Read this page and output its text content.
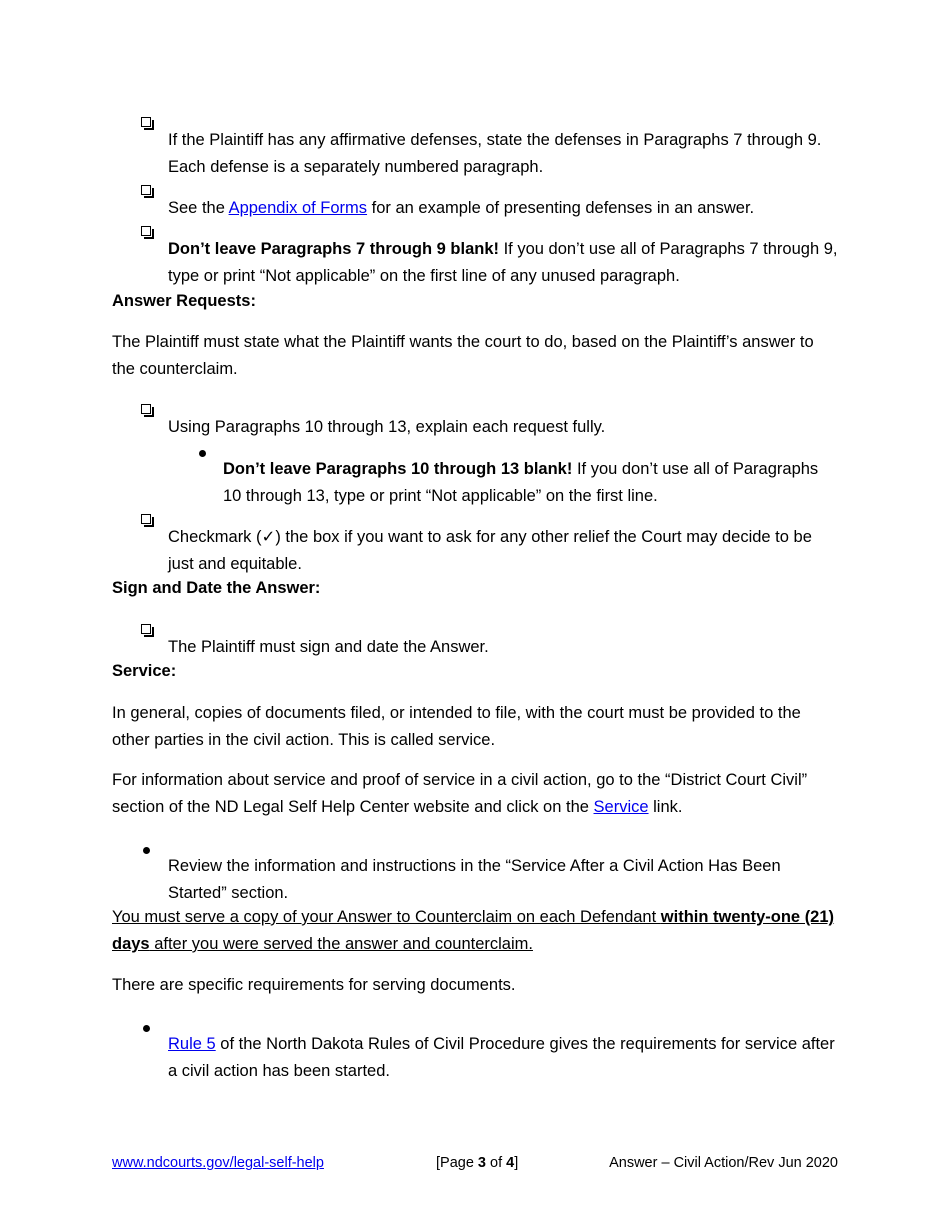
If the Plaintiff has any affirmative defenses, state the defenses in Paragraphs 7 through 9. Each defense is a separately numbered paragraph.

See the Appendix of Forms for an example of presenting defenses in an answer.

Don’t leave Paragraphs 7 through 9 blank! If you don’t use all of Paragraphs 7 through 9, type or print “Not applicable” on the first line of any unused paragraph.

Answer Requests:

The Plaintiff must state what the Plaintiff wants the court to do, based on the Plaintiff’s answer to the counterclaim.

Using Paragraphs 10 through 13, explain each request fully.

Don’t leave Paragraphs 10 through 13 blank! If you don’t use all of Paragraphs 10 through 13, type or print “Not applicable” on the first line.

Checkmark (✓) the box if you want to ask for any other relief the Court may decide to be just and equitable.

Sign and Date the Answer:

The Plaintiff must sign and date the Answer.

Service:

In general, copies of documents filed, or intended to file, with the court must be provided to the other parties in the civil action. This is called service.

For information about service and proof of service in a civil action, go to the “District Court Civil” section of the ND Legal Self Help Center website and click on the Service link.

Review the information and instructions in the “Service After a Civil Action Has Been Started” section.

You must serve a copy of your Answer to Counterclaim on each Defendant within twenty-one (21) days after you were served the answer and counterclaim.

There are specific requirements for serving documents.

Rule 5 of the North Dakota Rules of Civil Procedure gives the requirements for service after a civil action has been started.

www.ndcourts.gov/legal-self-help	[Page 3 of 4]	Answer – Civil Action/Rev Jun 2020
